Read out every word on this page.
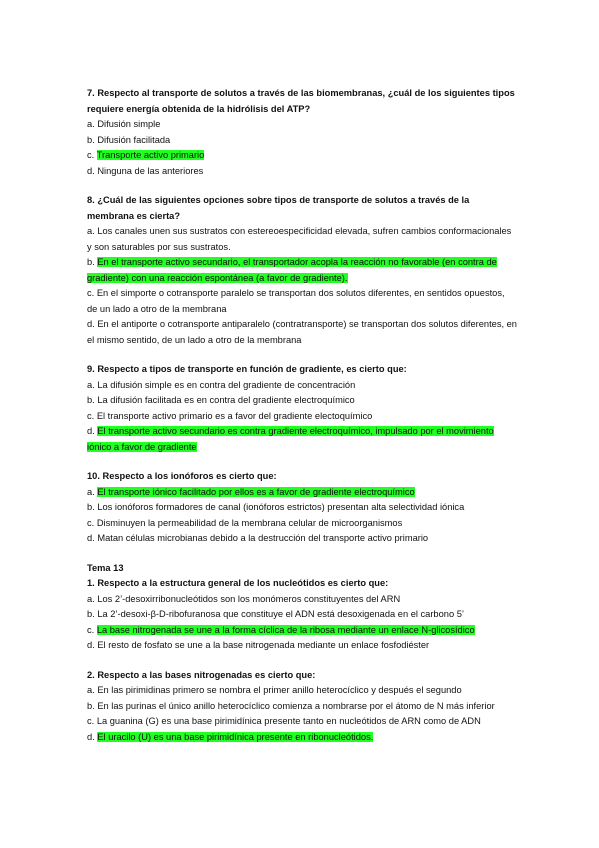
7. Respecto al transporte de solutos a través de las biomembranas, ¿cuál de los siguientes tipos requiere energía obtenida de la hidrólisis del ATP?

a. Difusión simple

b. Difusión facilitada

c. Transporte activo primario

d. Ninguna de las anteriores

8. ¿Cuál de las siguientes opciones sobre tipos de transporte de solutos a través de la membrana es cierta?

a. Los canales unen sus sustratos con estereoespecificidad elevada, sufren cambios conformacionales y son saturables por sus sustratos.

b. En el transporte activo secundario, el transportador acopla la reacción no favorable (en contra de gradiente) con una reacción espontánea (a favor de gradiente).

c. En el simporte o cotransporte paralelo se transportan dos solutos diferentes, en sentidos opuestos, de un lado a otro de la membrana

d. En el antiporte o cotransporte antiparalelo (contratransporte) se transportan dos solutos diferentes, en el mismo sentido, de un lado a otro de la membrana

9. Respecto a tipos de transporte en función de gradiente, es cierto que:

a. La difusión simple es en contra del gradiente de concentración

b. La difusión facilitada es en contra del gradiente electroquímico

c. El transporte activo primario es a favor del gradiente electoquímico

d. El transporte activo secundario es contra gradiente electroquímico, impulsado por el movimiento iónico a favor de gradiente

10. Respecto a los ionóforos es cierto que:

a. El transporte iónico facilitado por ellos es a favor de gradiente electroquímico

b. Los ionóforos formadores de canal (ionóforos estrictos) presentan alta selectividad iónica

c. Disminuyen la permeabilidad de la membrana celular de microorganismos

d. Matan células microbianas debido a la destrucción del transporte activo primario

Tema 13

1. Respecto a la estructura general de los nucleótidos es cierto que:

a. Los 2’-desoxirribonucleótidos son los monómeros constituyentes del ARN

b. La 2’-desoxi-β-D-ribofuranosa que constituye el ADN está desoxigenada en el carbono 5’

c. La base nitrogenada se une a la forma cíclica de la ribosa mediante un enlace N-glicosídico

d. El resto de fosfato se une a la base nitrogenada mediante un enlace fosfodiéster

2. Respecto a las bases nitrogenadas es cierto que:

a. En las pirimidinas primero se nombra el primer anillo heterocíclico y después el segundo

b. En las purinas el único anillo heterocíclico comienza a nombrarse por el átomo de N más inferior

c. La guanina (G) es una base pirimidínica presente tanto en nucleótidos de ARN como de ADN

d. El uracilo (U) es una base pirimidínica presente en ribonucleótidos.
